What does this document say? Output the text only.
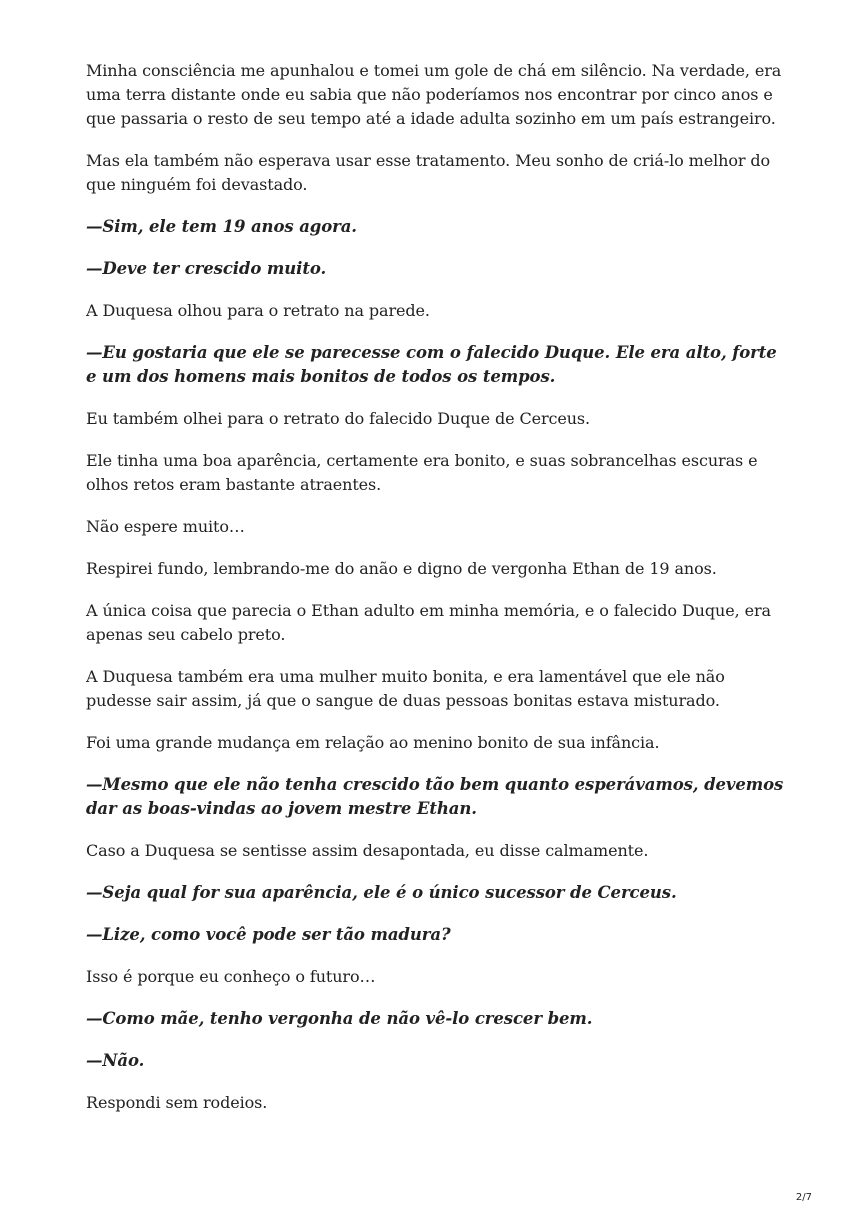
Minha consciência me apunhalou e tomei um gole de chá em silêncio. Na verdade, era uma terra distante onde eu sabia que não poderíamos nos encontrar por cinco anos e que passaria o resto de seu tempo até a idade adulta sozinho em um país estrangeiro.

Mas ela também não esperava usar esse tratamento. Meu sonho de criá-lo melhor do que ninguém foi devastado.

—Sim, ele tem 19 anos agora.

—Deve ter crescido muito.

A Duquesa olhou para o retrato na parede.

—Eu gostaria que ele se parecesse com o falecido Duque. Ele era alto, forte e um dos homens mais bonitos de todos os tempos.

Eu também olhei para o retrato do falecido Duque de Cerceus.

Ele tinha uma boa aparência, certamente era bonito, e suas sobrancelhas escuras e olhos retos eram bastante atraentes.

Não espere muito…

Respirei fundo, lembrando-me do anão e digno de vergonha Ethan de 19 anos.

A única coisa que parecia o Ethan adulto em minha memória, e o falecido Duque, era apenas seu cabelo preto.

A Duquesa também era uma mulher muito bonita, e era lamentável que ele não pudesse sair assim, já que o sangue de duas pessoas bonitas estava misturado.

Foi uma grande mudança em relação ao menino bonito de sua infância.

—Mesmo que ele não tenha crescido tão bem quanto esperávamos, devemos dar as boas-vindas ao jovem mestre Ethan.

Caso a Duquesa se sentisse assim desapontada, eu disse calmamente.

—Seja qual for sua aparência, ele é o único sucessor de Cerceus.

—Lize, como você pode ser tão madura?

Isso é porque eu conheço o futuro…

—Como mãe, tenho vergonha de não vê-lo crescer bem.

—Não.

Respondi sem rodeios.

2/7
